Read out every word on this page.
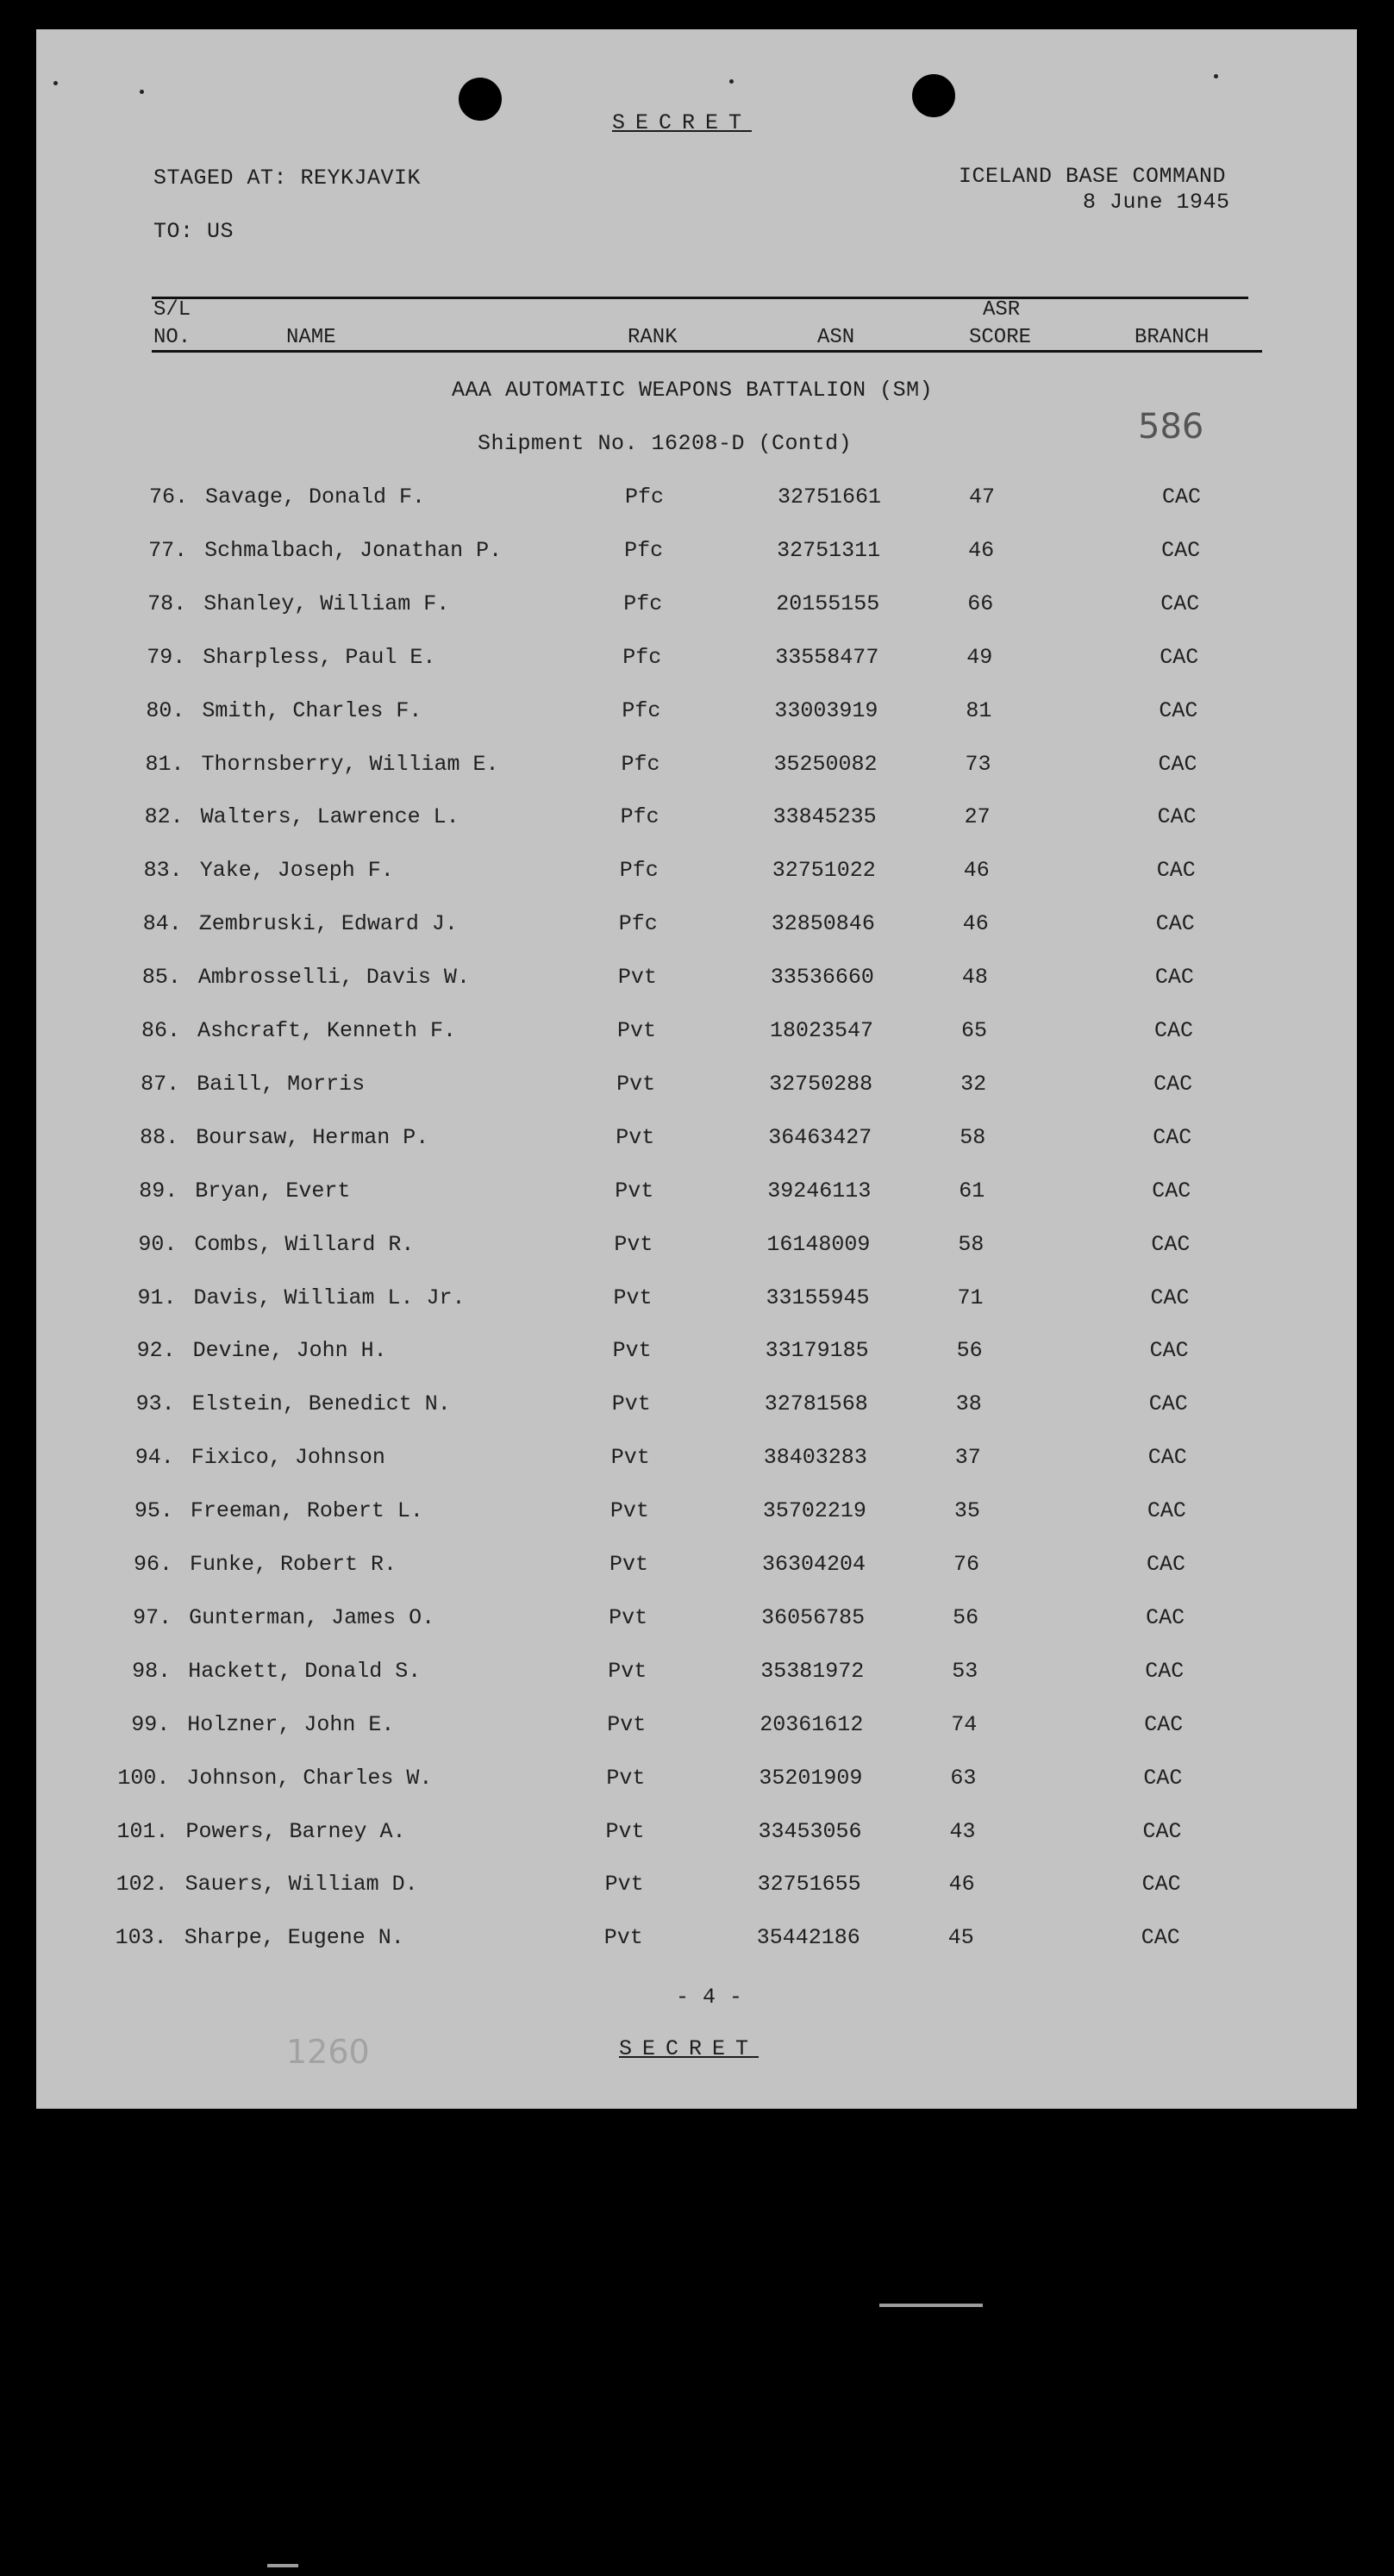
SECRET
STAGED AT: REYKJAVIK
TO: US
ICELAND BASE COMMAND
8 June 1945
S/L
NO.	NAME	RANK	ASN
ASR
SCORE	BRANCH
AAA AUTOMATIC WEAPONS BATTALION (SM)
Shipment No. 16208-D (Contd)	586
76. Savage, Donald F.	Pfc	32751661	47	CAC
77. Schmalbach, Jonathan P.	Pfc	32751311	46	CAC
78. Shanley, William F.	Pfc	20155155	66	CAC
79. Sharpless, Paul E.	Pfc	33558477	49	CAC
80. Smith, Charles F.	Pfc	33003919	81	CAC
81. Thornsberry, William E.	Pfc	35250082	73	CAC
82. Walters, Lawrence L.	Pfc	33845235	27	CAC
83. Yake, Joseph F.	Pfc	32751022	46	CAC
84. Zembruski, Edward J.	Pfc	32850846	46	CAC
85. Ambrosselli, Davis W.	Pvt	33536660	48	CAC
86. Ashcraft, Kenneth F.	Pvt	18023547	65	CAC
87. Baill, Morris	Pvt	32750288	32	CAC
88. Boursaw, Herman P.	Pvt	36463427	58	CAC
89. Bryan, Evert	Pvt	39246113	61	CAC
90. Combs, Willard R.	Pvt	16148009	58	CAC
91. Davis, William L. Jr.	Pvt	33155945	71	CAC
92. Devine, John H.	Pvt	33179185	56	CAC
93. Elstein, Benedict N.	Pvt	32781568	38	CAC
94. Fixico, Johnson	Pvt	38403283	37	CAC
95. Freeman, Robert L.	Pvt	35702219	35	CAC
96. Funke, Robert R.	Pvt	36304204	76	CAC
97. Gunterman, James O.	Pvt	36056785	56	CAC
98. Hackett, Donald S.	Pvt	35381972	53	CAC
99. Holzner, John E.	Pvt	20361612	74	CAC
100. Johnson, Charles W.	Pvt	35201909	63	CAC
101. Powers, Barney A.	Pvt	33453056	43	CAC
102. Sauers, William D.	Pvt	32751655	46	CAC
103. Sharpe, Eugene N.	Pvt	35442186	45	CAC
- 4 -
SECRET
1260
